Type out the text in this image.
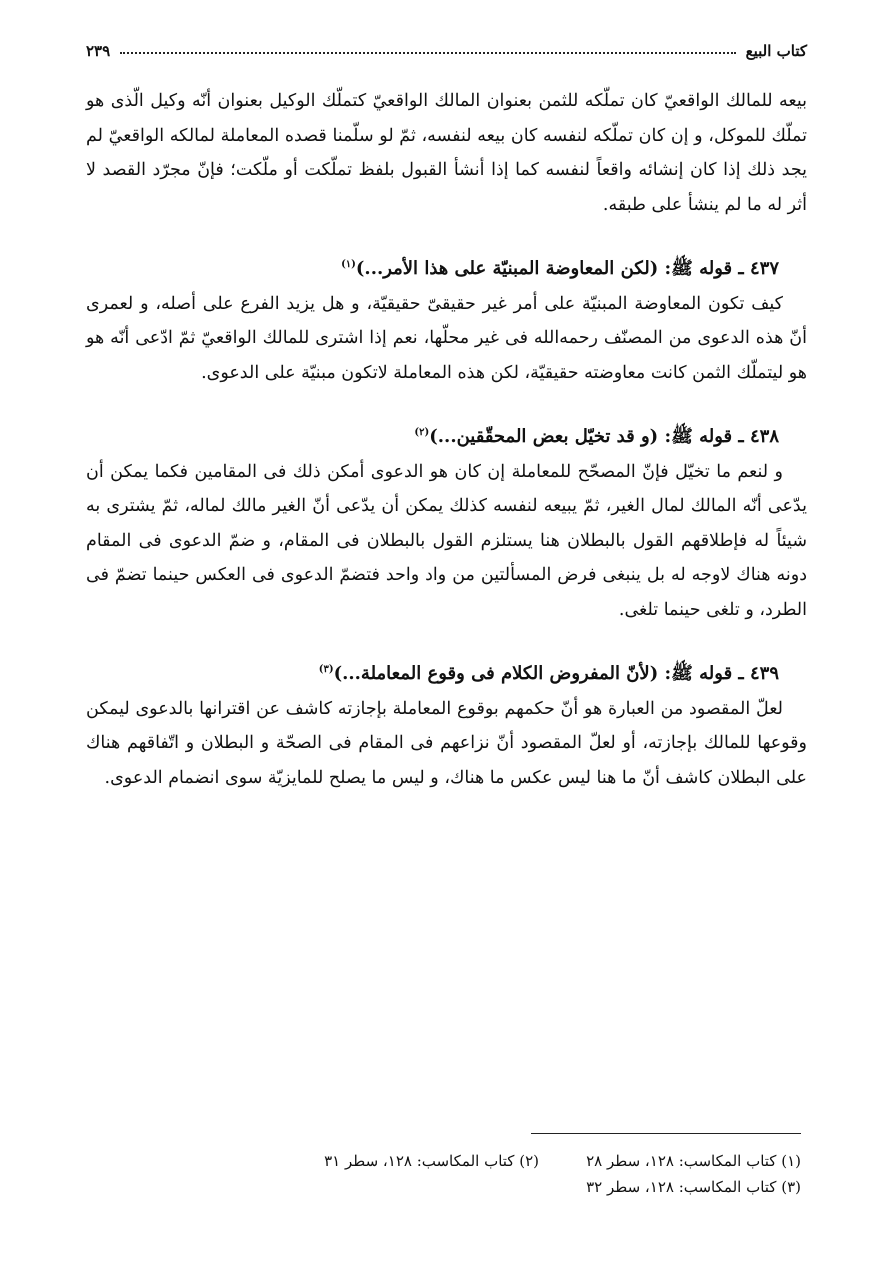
كتاب البيع
٢٣٩

بيعه للمالك الواقعيّ كان تملّكه للثمن بعنوان المالك الواقعيّ كتملّك الوكيل بعنوان أنّه وكيل الّذى هو تملّك للموكل، و إن كان تملّكه لنفسه كان بيعه لنفسه، ثمّ لو سلّمنا قصده المعاملة لمالكه الواقعيّ لم يجد ذلك إذا كان إنشائه واقعاً لنفسه كما إذا أنشأ القبول بلفظ تملّكت أو ملّكت؛ فإنّ مجرّد القصد لا أثر له ما لم ينشأ على طبقه.

٤٣٧ ـ قوله ﷺ: (لكن المعاوضة المبنيّة على هذا الأمر...)$^{(١)}$

كيف تكون المعاوضة المبنيّة على أمر غير حقيقىّ حقيقيّة، و هل يزيد الفرع على أصله، و لعمرى أنّ هذه الدعوى من المصنّف رحمه‌الله فى غير محلّها، نعم إذا اشترى للمالك الواقعيّ ثمّ ادّعى أنّه هو هو ليتملّك الثمن كانت معاوضته حقيقيّة، لكن هذه المعاملة لاتكون مبنيّة على الدعوى.

٤٣٨ ـ قوله ﷺ: (و قد تخيّل بعض المحقّقين...)$^{(٢)}$

و لنعم ما تخيّل فإنّ المصحّح للمعاملة إن كان هو الدعوى أمكن ذلك فى المقامين فكما يمكن أن يدّعى أنّه المالك لمال الغير، ثمّ يبيعه لنفسه كذلك يمكن أن يدّعى أنّ الغير مالك لماله، ثمّ يشترى به شيئاً له فإطلاقهم القول بالبطلان هنا يستلزم القول بالبطلان فى المقام، و ضمّ الدعوى فى المقام دونه هناك لاوجه له بل ينبغى فرض المسألتين من واد واحد فتضمّ الدعوى فى العكس حينما تضمّ فى الطرد، و تلغى حينما تلغى.

٤٣٩ ـ قوله ﷺ: (لأنّ المفروض الكلام فى وقوع المعاملة...)$^{(٣)}$

لعلّ المقصود من العبارة هو أنّ حكمهم بوقوع المعاملة بإجازته كاشف عن اقترانها بالدعوى ليمكن وقوعها للمالك بإجازته، أو لعلّ المقصود أنّ نزاعهم فى المقام فى الصحّة و البطلان و اتّفاقهم هناك على البطلان كاشف أنّ ما هنا ليس عكس ما هناك، و ليس ما يصلح للمايزيّة سوى انضمام الدعوى.

(١) كتاب المكاسب: ١٢٨، سطر ٢٨
(٢) كتاب المكاسب: ١٢٨، سطر ٣١
(٣) كتاب المكاسب: ١٢٨، سطر ٣٢
